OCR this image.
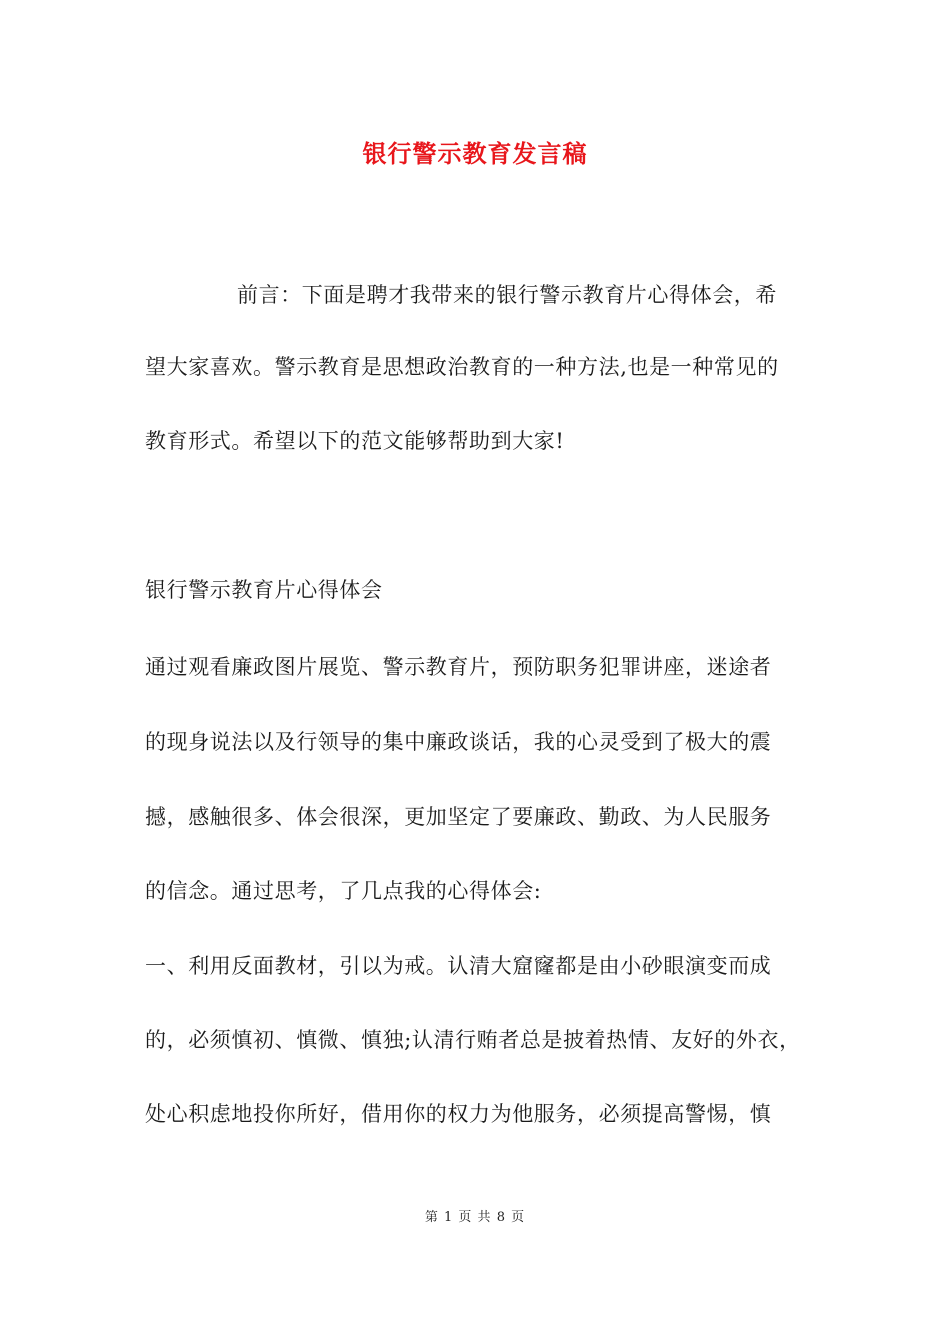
银行警示教育发言稿
前言：下面是聘才我带来的银行警示教育片心得体会，希
望大家喜欢。警示教育是思想政治教育的一种方法,也是一种常见的
教育形式。希望以下的范文能够帮助到大家!
银行警示教育片心得体会
通过观看廉政图片展览、警示教育片，预防职务犯罪讲座，迷途者
的现身说法以及行领导的集中廉政谈话，我的心灵受到了极大的震
撼，感触很多、体会很深，更加坚定了要廉政、勤政、为人民服务
的信念。通过思考，了几点我的心得体会:
一、利用反面教材，引以为戒。认清大窟窿都是由小砂眼演变而成
的，必须慎初、慎微、慎独;认清行贿者总是披着热情、友好的外衣，
处心积虑地投你所好，借用你的权力为他服务，必须提高警惕，慎
第 1 页 共 8 页
